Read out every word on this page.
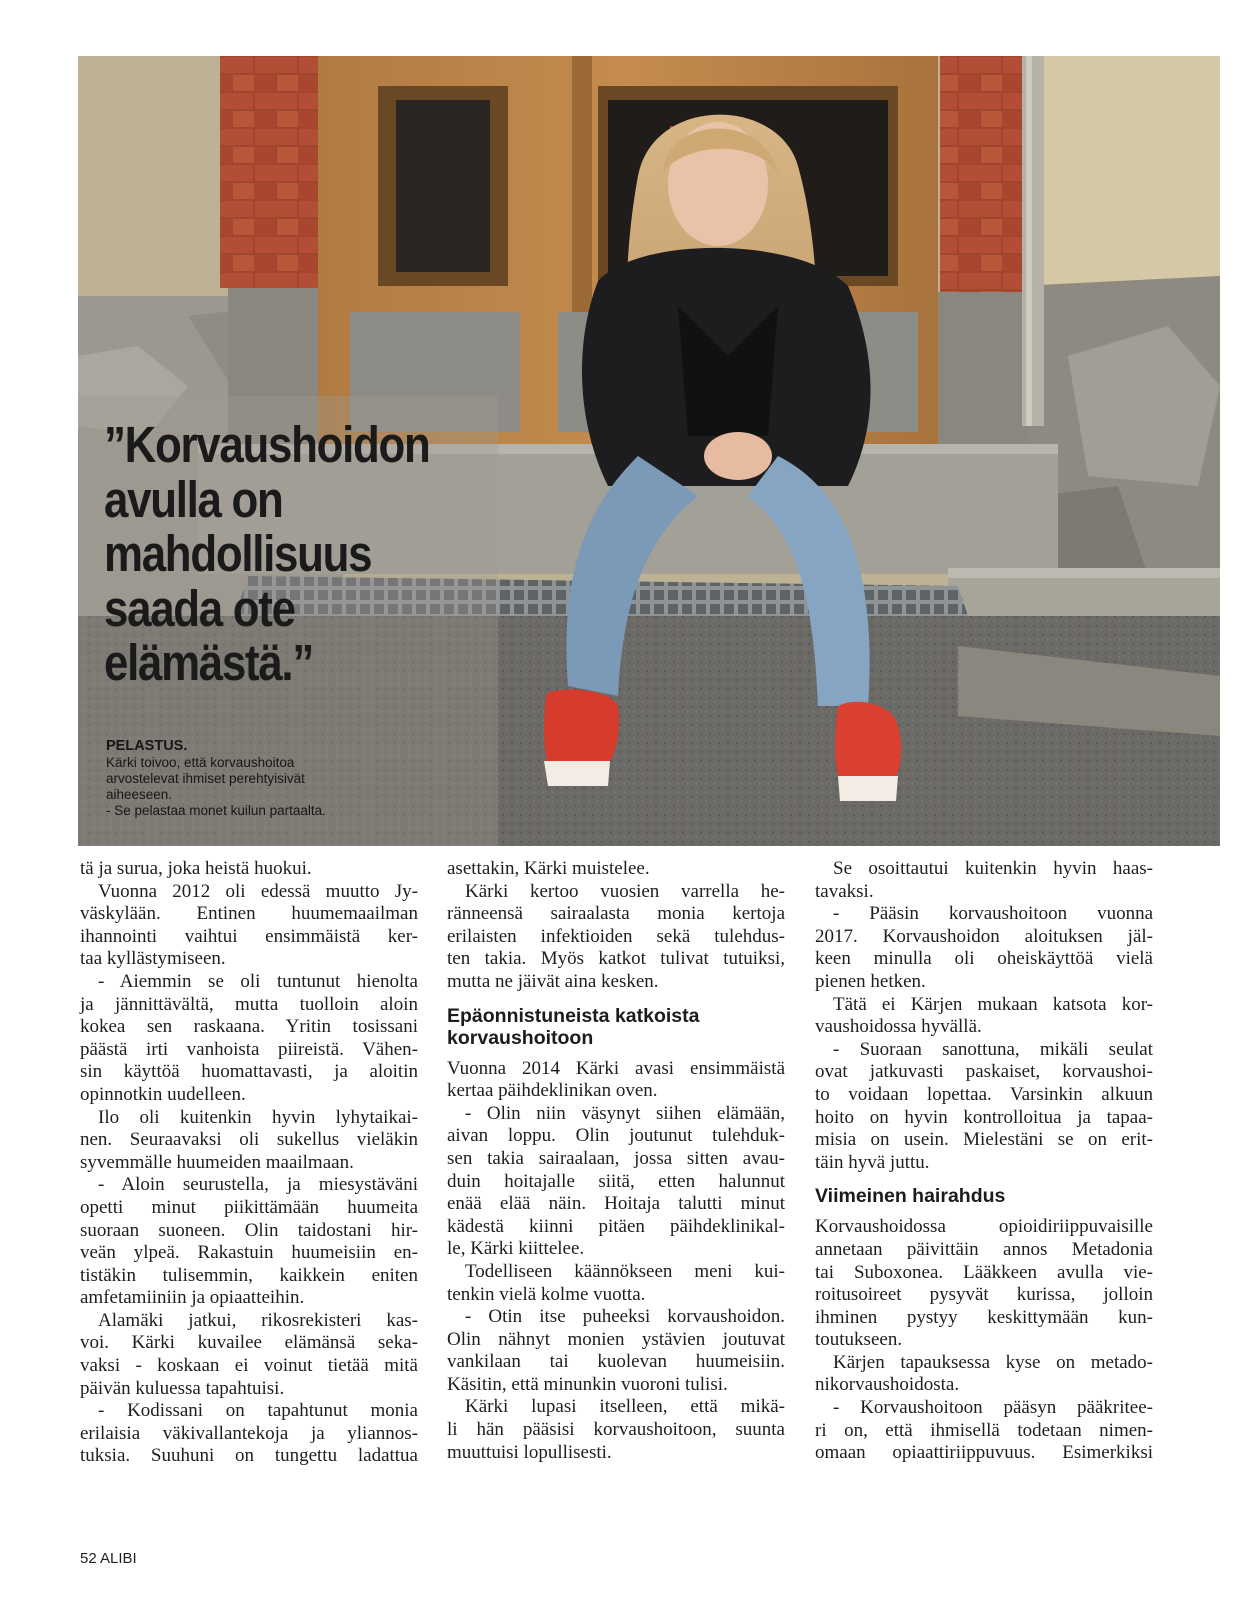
”Korvaushoidon avulla on mahdollisuus saada ote elämästä.”
PELASTUS.
Kärki toivoo, että korvaushoitoa
arvostelevat ihmiset perehtyisivät
aiheeseen.
- Se pelastaa monet kuilun partaalta.

tä ja surua, joka heistä huokui.

Vuonna 2012 oli edessä muutto Jy-

väskylään. Entinen huumemaailman

ihannointi vaihtui ensimmäistä ker-

taa kyllästymiseen.

- Aiemmin se oli tuntunut hienolta

ja jännittävältä, mutta tuolloin aloin

kokea sen raskaana. Yritin tosissani

päästä irti vanhoista piireistä. Vähen-

sin käyttöä huomattavasti, ja aloitin

opinnotkin uudelleen.

Ilo oli kuitenkin hyvin lyhytaikai-

nen. Seuraavaksi oli sukellus vieläkin

syvemmälle huumeiden maailmaan.

- Aloin seurustella, ja miesystäväni

opetti minut piikittämään huumeita

suoraan suoneen. Olin taidostani hir-

veän ylpeä. Rakastuin huumeisiin en-

tistäkin tulisemmin, kaikkein eniten

amfetamiiniin ja opiaatteihin.

Alamäki jatkui, rikosrekisteri kas-

voi. Kärki kuvailee elämänsä seka-

vaksi - koskaan ei voinut tietää mitä

päivän kuluessa tapahtuisi.

- Kodissani on tapahtunut monia

erilaisia väkivallantekoja ja yliannos-

tuksia. Suuhuni on tungettu ladattua

asettakin, Kärki muistelee.

Kärki kertoo vuosien varrella he-

ränneensä sairaalasta monia kertoja

erilaisten infektioiden sekä tulehdus-

ten takia. Myös katkot tulivat tutuiksi,

mutta ne jäivät aina kesken.

Epäonnistuneista katkoista korvaushoitoon

Vuonna 2014 Kärki avasi ensimmäistä

kertaa päihdeklinikan oven.

- Olin niin väsynyt siihen elämään,

aivan loppu. Olin joutunut tulehduk-

sen takia sairaalaan, jossa sitten avau-

duin hoitajalle siitä, etten halunnut

enää elää näin. Hoitaja talutti minut

kädestä kiinni pitäen päihdeklinikal-

le, Kärki kiittelee.

Todelliseen käännökseen meni kui-

tenkin vielä kolme vuotta.

- Otin itse puheeksi korvaushoidon.

Olin nähnyt monien ystävien joutuvat

vankilaan tai kuolevan huumeisiin.

Käsitin, että minunkin vuoroni tulisi.

Kärki lupasi itselleen, että mikä-

li hän pääsisi korvaushoitoon, suunta

muuttuisi lopullisesti.

Se osoittautui kuitenkin hyvin haas-

tavaksi.

- Pääsin korvaushoitoon vuonna

2017. Korvaushoidon aloituksen jäl-

keen minulla oli oheiskäyttöä vielä

pienen hetken.

Tätä ei Kärjen mukaan katsota kor-

vaushoidossa hyvällä.

- Suoraan sanottuna, mikäli seulat

ovat jatkuvasti paskaiset, korvaushoi-

to voidaan lopettaa. Varsinkin alkuun

hoito on hyvin kontrolloitua ja tapaa-

misia on usein. Mielestäni se on erit-

täin hyvä juttu.

Viimeinen hairahdus

Korvaushoidossa opioidiriippuvaisille

annetaan päivittäin annos Metadonia

tai Suboxonea. Lääkkeen avulla vie-

roitusoireet pysyvät kurissa, jolloin

ihminen pystyy keskittymään kun-

toutukseen.

Kärjen tapauksessa kyse on metado-

nikorvaushoidosta.

- Korvaushoitoon pääsyn pääkritee-

ri on, että ihmisellä todetaan nimen-

omaan opiaattiriippuvuus. Esimerkiksi

52 ALIBI
